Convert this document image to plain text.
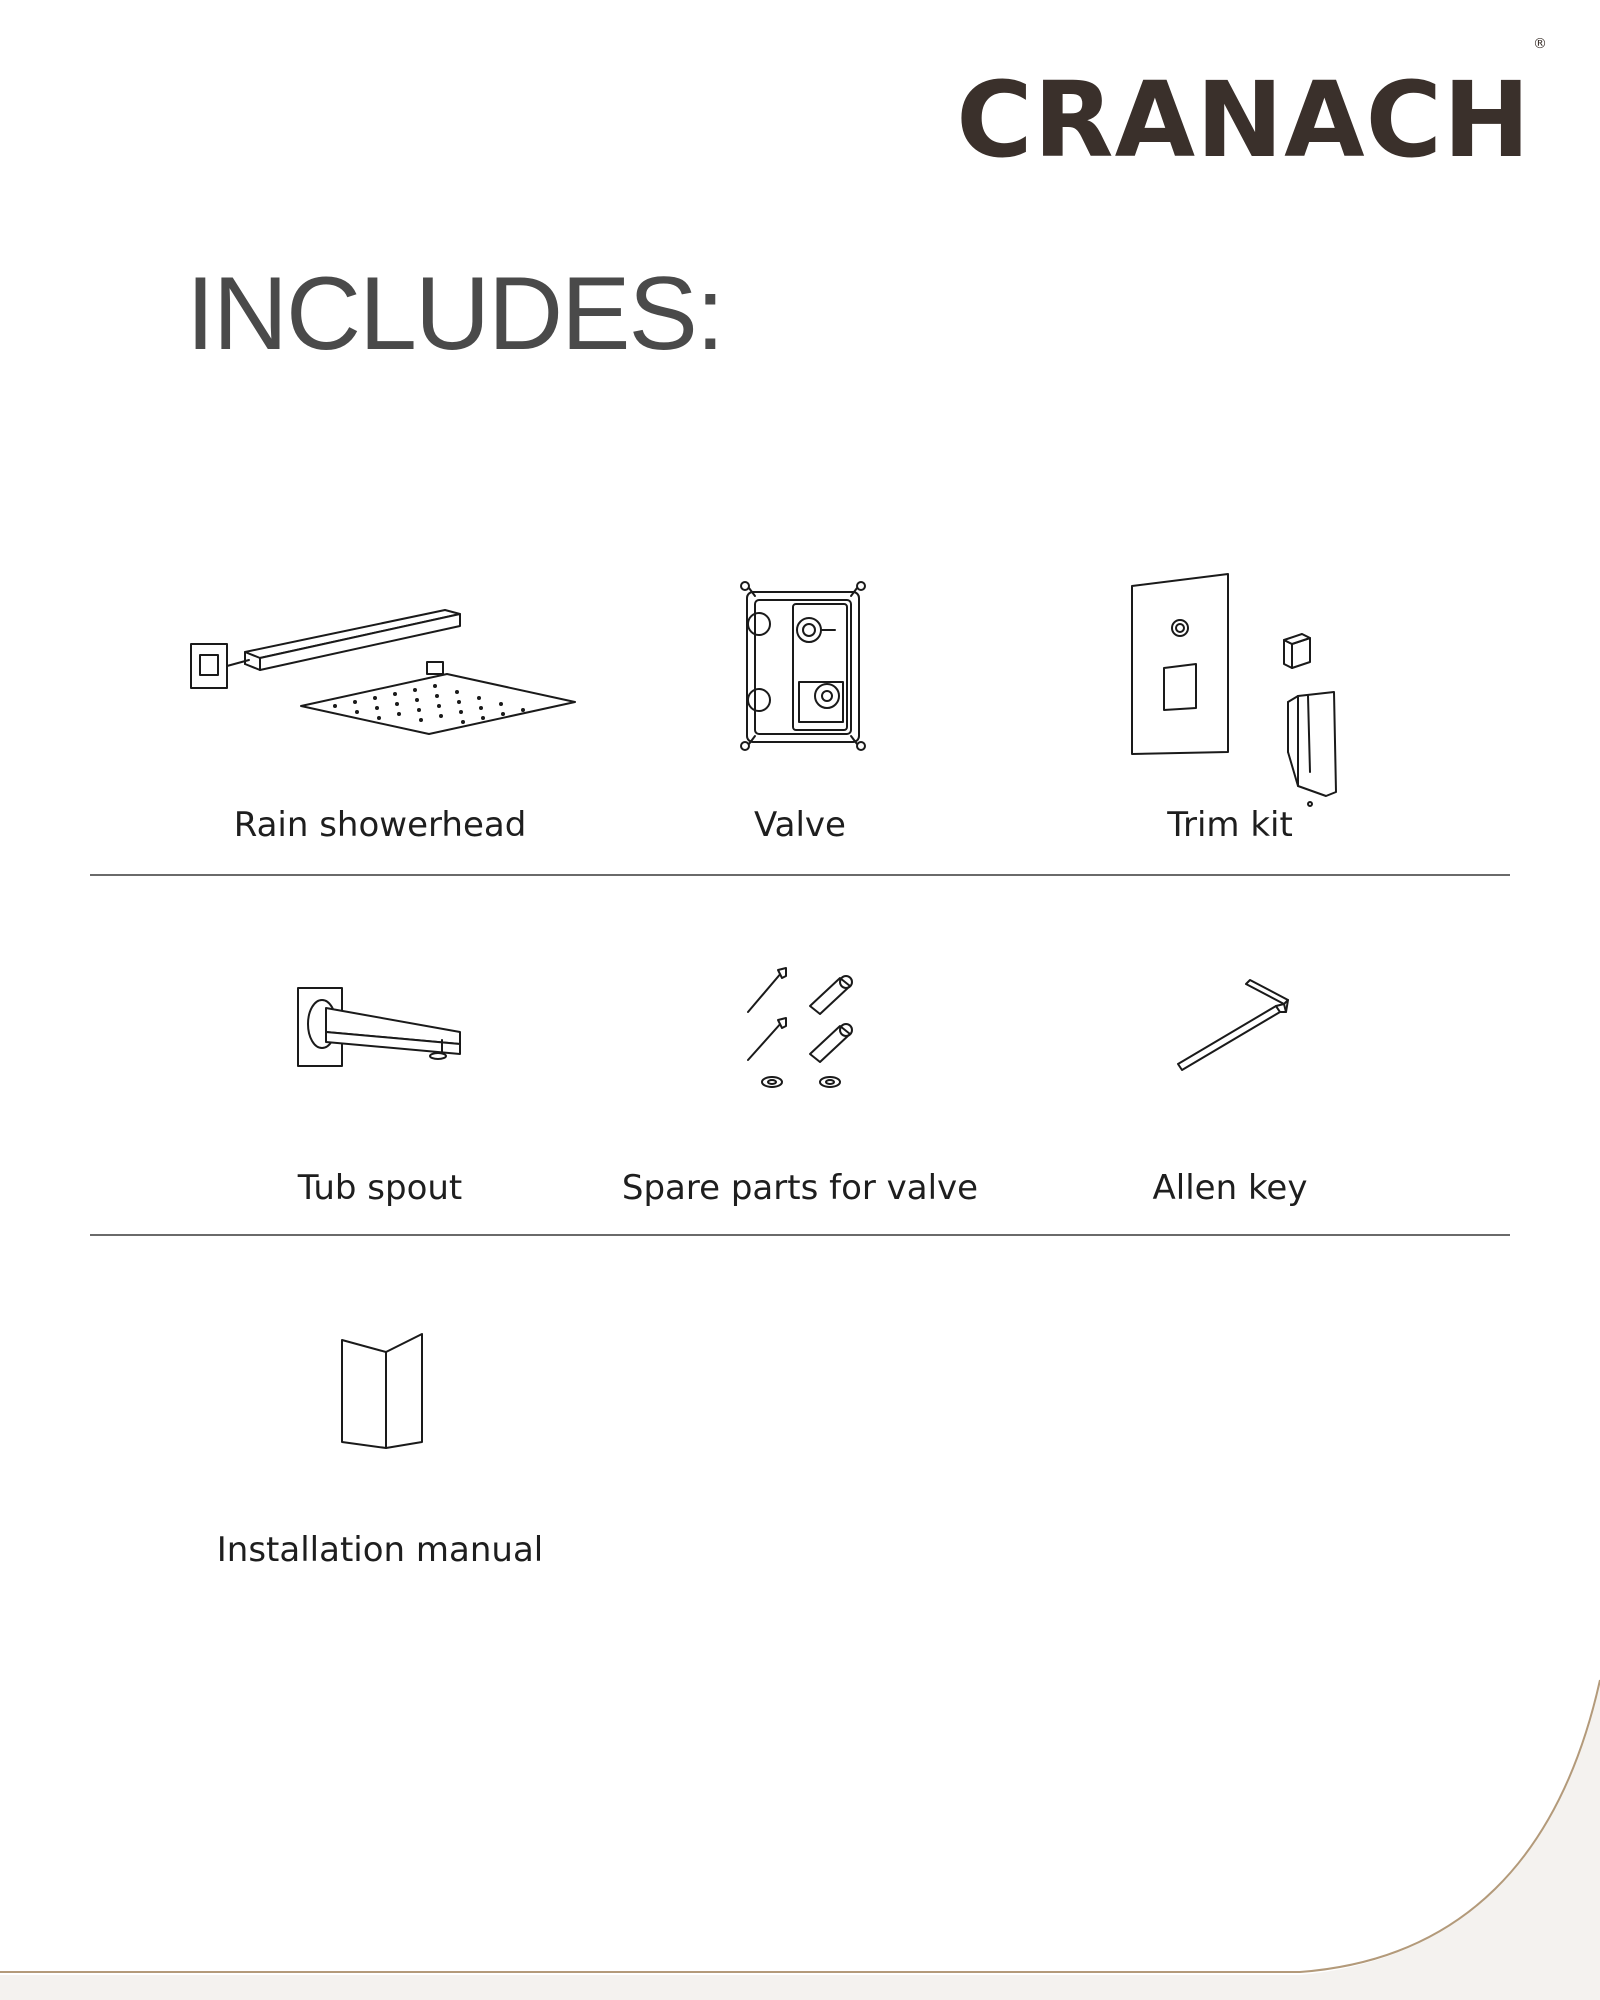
CRANACH®
INCLUDES:
Rain showerhead	Valve	Trim kit
Tub spout	Spare parts for valve	Allen key
Installation manual
